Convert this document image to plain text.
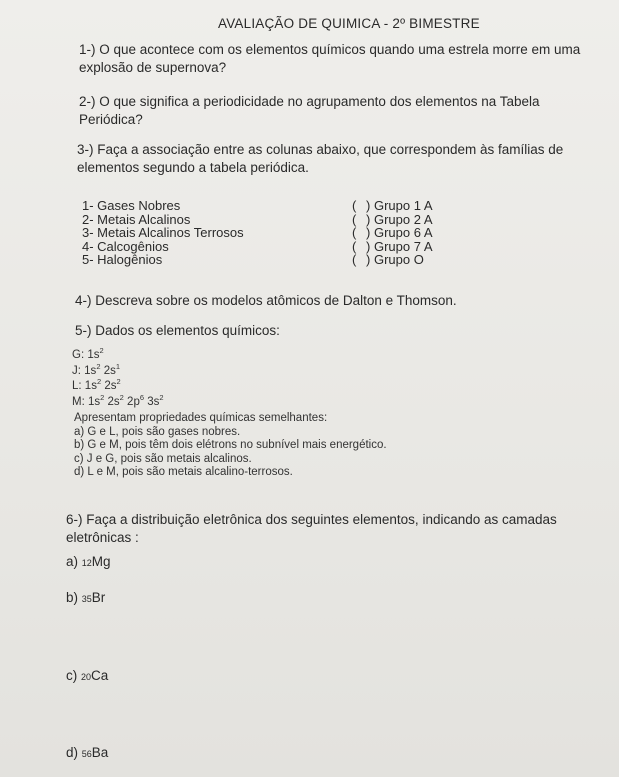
AVALIAÇÃO DE QUIMICA - 2º BIMESTRE
1-) O que acontece com os elementos químicos quando uma estrela morre em uma
explosão de supernova?
2-) O que significa a periodicidade no agrupamento dos elementos na Tabela
Periódica?
3-) Faça a associação entre as colunas abaixo, que correspondem às famílias de
elementos segundo a tabela periódica.
1- Gases Nobres
2- Metais Alcalinos
3- Metais Alcalinos Terrosos
4- Calcogênios
5- Halogênios
( ) Grupo 1 A
( ) Grupo 2 A
( ) Grupo 6 A
( ) Grupo 7 A
( ) Grupo O
4-) Descreva sobre os modelos atômicos de Dalton e Thomson.
5-) Dados os elementos químicos:
G: $1s^2$
J: $1s^2$ $2s^1$
L: $1s^2$ $2s^2$
M: $1s^2$ $2s^2$ $2p^6$ $3s^2$
Apresentam propriedades químicas semelhantes:
a) G e L, pois são gases nobres.
b) G e M, pois têm dois elétrons no subnível mais energético.
c) J e G, pois são metais alcalinos.
d) L e M, pois são metais alcalino-terrosos.
6-) Faça a distribuição eletrônica dos seguintes elementos, indicando as camadas
eletrônicas :
a) 12Mg
b) 35Br
c) 20Ca
d) 56Ba
